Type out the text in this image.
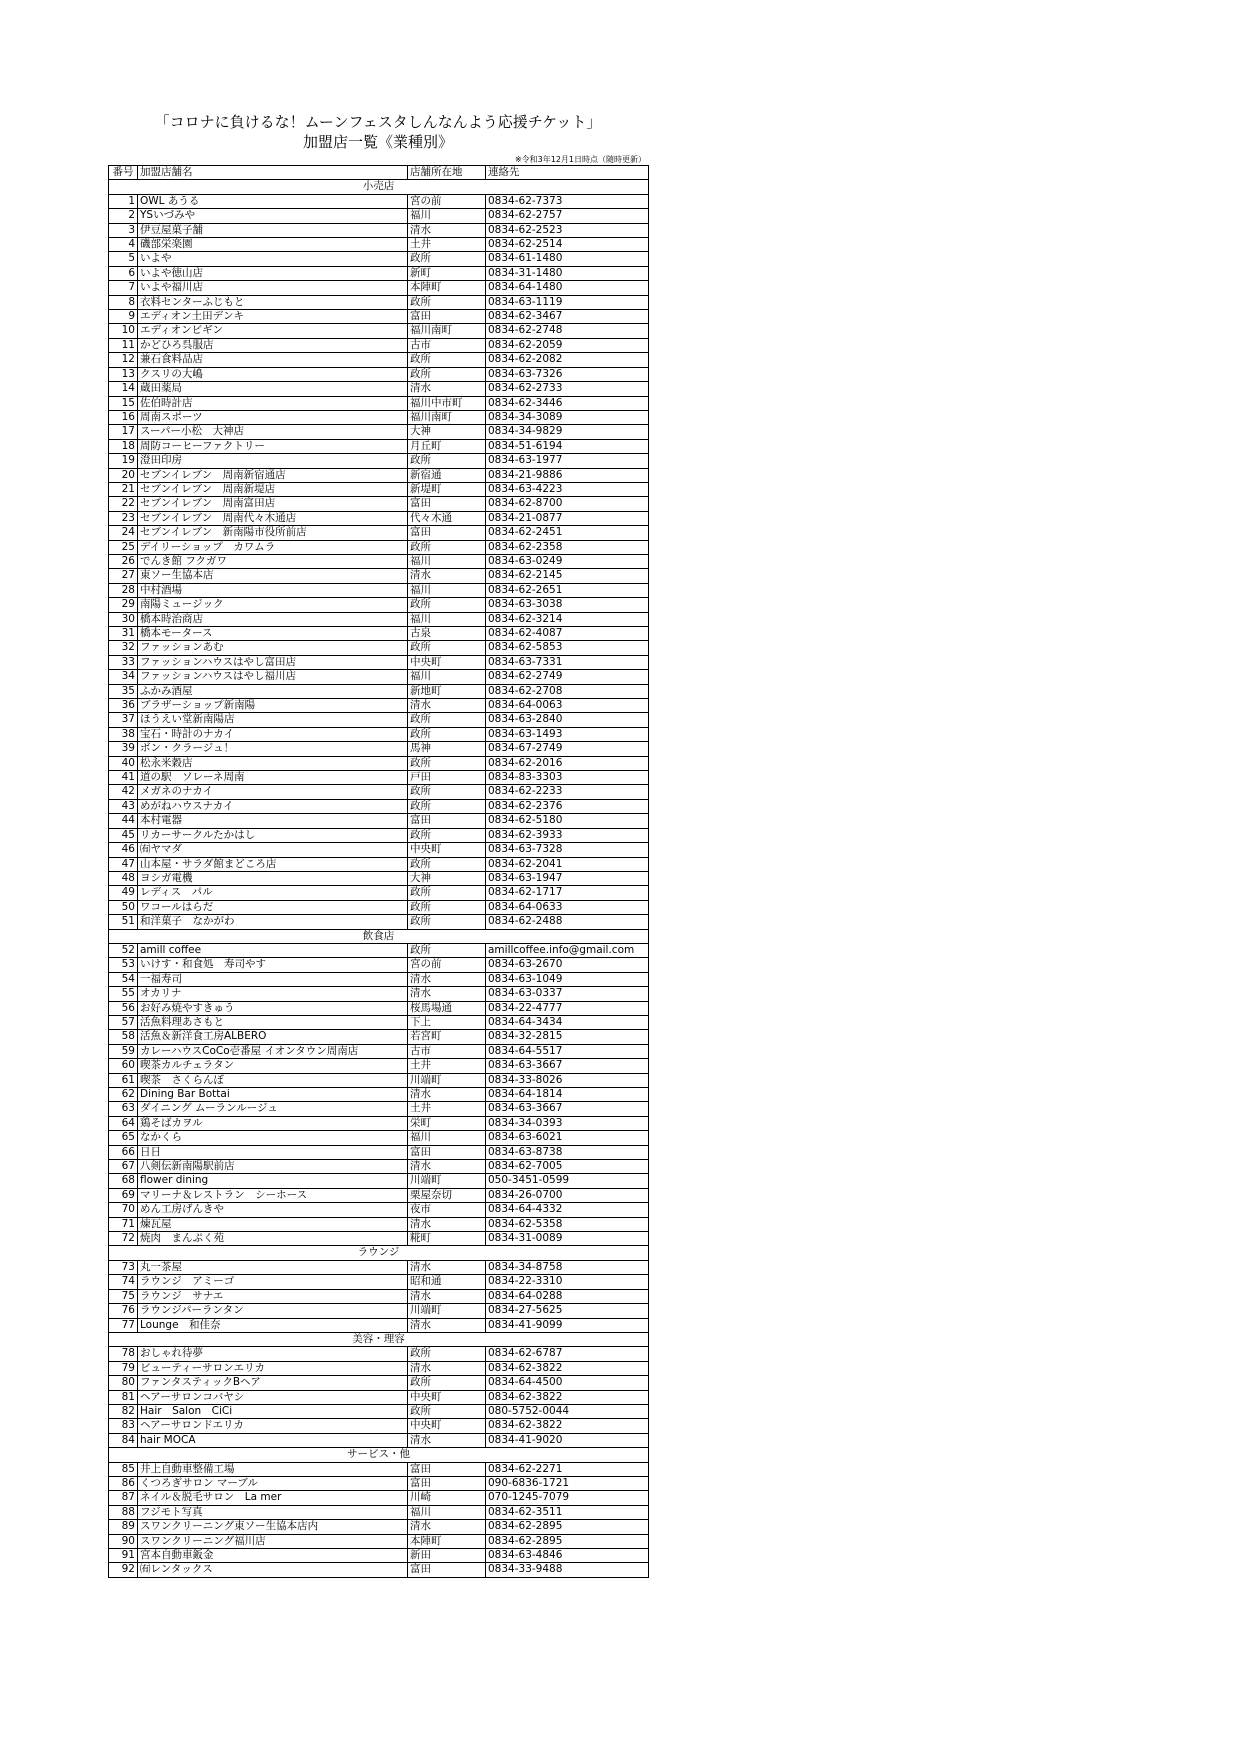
「コロナに負けるな！ムーンフェスタしんなんよう応援チケット」
加盟店一覧《業種別》
※令和3年12月1日時点（随時更新）
番号	加盟店舗名	店舗所在地	連絡先
小売店			
1	OWL あうる	宮の前	0834-62-7373
2	YSいづみや	福川	0834-62-2757
3	伊豆屋菓子舗	清水	0834-62-2523
4	磯部栄楽園	土井	0834-62-2514
5	いよや	政所	0834-61-1480
6	いよや徳山店	新町	0834-31-1480
7	いよや福川店	本陣町	0834-64-1480
8	衣料センターふじもと	政所	0834-63-1119
9	エディオン土田デンキ	富田	0834-62-3467
10	エディオンビギン	福川南町	0834-62-2748
11	かどひろ呉服店	古市	0834-62-2059
12	兼石食料品店	政所	0834-62-2082
13	クスリの大嶋	政所	0834-63-7326
14	蔵田薬局	清水	0834-62-2733
15	佐伯時計店	福川中市町	0834-62-3446
16	周南スポーツ	福川南町	0834-34-3089
17	スーパー小松　大神店	大神	0834-34-9829
18	周防コーヒーファクトリー	月丘町	0834-51-6194
19	澄田印房	政所	0834-63-1977
20	セブンイレブン　周南新宿通店	新宿通	0834-21-9886
21	セブンイレブン　周南新堤店	新堤町	0834-63-4223
22	セブンイレブン　周南富田店	富田	0834-62-8700
23	セブンイレブン　周南代々木通店	代々木通	0834-21-0877
24	セブンイレブン　新南陽市役所前店	富田	0834-62-2451
25	デイリーショップ　カワムラ	政所	0834-62-2358
26	でんき館 フクガワ	福川	0834-63-0249
27	東ソー生協本店	清水	0834-62-2145
28	中村酒場	福川	0834-62-2651
29	南陽ミュージック	政所	0834-63-3038
30	橋本時治商店	福川	0834-62-3214
31	橋本モータース	古泉	0834-62-4087
32	ファッションあむ	政所	0834-62-5853
33	ファッションハウスはやし富田店	中央町	0834-63-7331
34	ファッションハウスはやし福川店	福川	0834-62-2749
35	ふかみ酒屋	新地町	0834-62-2708
36	ブラザーショップ新南陽	清水	0834-64-0063
37	ほうえい堂新南陽店	政所	0834-63-2840
38	宝石・時計のナカイ	政所	0834-63-1493
39	ボン・クラージュ！	馬神	0834-67-2749
40	松永米穀店	政所	0834-62-2016
41	道の駅　ソレーネ周南	戸田	0834-83-3303
42	メガネのナカイ	政所	0834-62-2233
43	めがねハウスナカイ	政所	0834-62-2376
44	本村電器	富田	0834-62-5180
45	リカーサークルたかはし	政所	0834-62-3933
46	㈲ヤマダ	中央町	0834-63-7328
47	山本屋・サラダ館まどころ店	政所	0834-62-2041
48	ヨシガ電機	大神	0834-63-1947
49	レディス　パル	政所	0834-62-1717
50	ワコールはらだ	政所	0834-64-0633
51	和洋菓子　なかがわ	政所	0834-62-2488
飲食店			
52	amill coffee	政所	amillcoffee.info@gmail.com
53	いけす・和食処　寿司やす	宮の前	0834-63-2670
54	一福寿司	清水	0834-63-1049
55	オカリナ	清水	0834-63-0337
56	お好み焼やすきゅう	桜馬場通	0834-22-4777
57	活魚料理あさもと	下上	0834-64-3434
58	活魚＆新洋食工房ALBERO	若宮町	0834-32-2815
59	カレーハウスCoCo壱番屋 イオンタウン周南店	古市	0834-64-5517
60	喫茶カルチェラタン	土井	0834-63-3667
61	喫茶　さくらんぼ	川端町	0834-33-8026
62	Dining Bar Bottai	清水	0834-64-1814
63	ダイニング ムーランルージュ	土井	0834-63-3667
64	鶏そばカヲル	栄町	0834-34-0393
65	なかくら	福川	0834-63-6021
66	日日	富田	0834-63-8738
67	八剣伝新南陽駅前店	清水	0834-62-7005
68	flower dining	川端町	050-3451-0599
69	マリーナ＆レストラン　シーホース	栗屋奈切	0834-26-0700
70	めん工房げんきや	夜市	0834-64-4332
71	煉瓦屋	清水	0834-62-5358
72	焼肉　まんぷく苑	糀町	0834-31-0089
ラウンジ			
73	丸一茶屋	清水	0834-34-8758
74	ラウンジ　アミーゴ	昭和通	0834-22-3310
75	ラウンジ　サナエ	清水	0834-64-0288
76	ラウンジパーランタン	川端町	0834-27-5625
77	Lounge　和佳奈	清水	0834-41-9099
美容・理容			
78	おしゃれ待夢	政所	0834-62-6787
79	ビューティーサロンエリカ	清水	0834-62-3822
80	ファンタスティックBヘア	政所	0834-64-4500
81	ヘアーサロンコバヤシ	中央町	0834-62-3822
82	Hair　Salon　CiCi	政所	080-5752-0044
83	ヘアーサロンドエリカ	中央町	0834-62-3822
84	hair MOCA	清水	0834-41-9020
サービス・他			
85	井上自動車整備工場	富田	0834-62-2271
86	くつろぎサロン マーブル	富田	090-6836-1721
87	ネイル＆脱毛サロン　La mer	川崎	070-1245-7079
88	フジモト写真	福川	0834-62-3511
89	スワンクリーニング東ソー生協本店内	清水	0834-62-2895
90	スワンクリーニング福川店	本陣町	0834-62-2895
91	宮本自動車鈑金	新田	0834-63-4846
92	㈲レンタックス	富田	0834-33-9488
